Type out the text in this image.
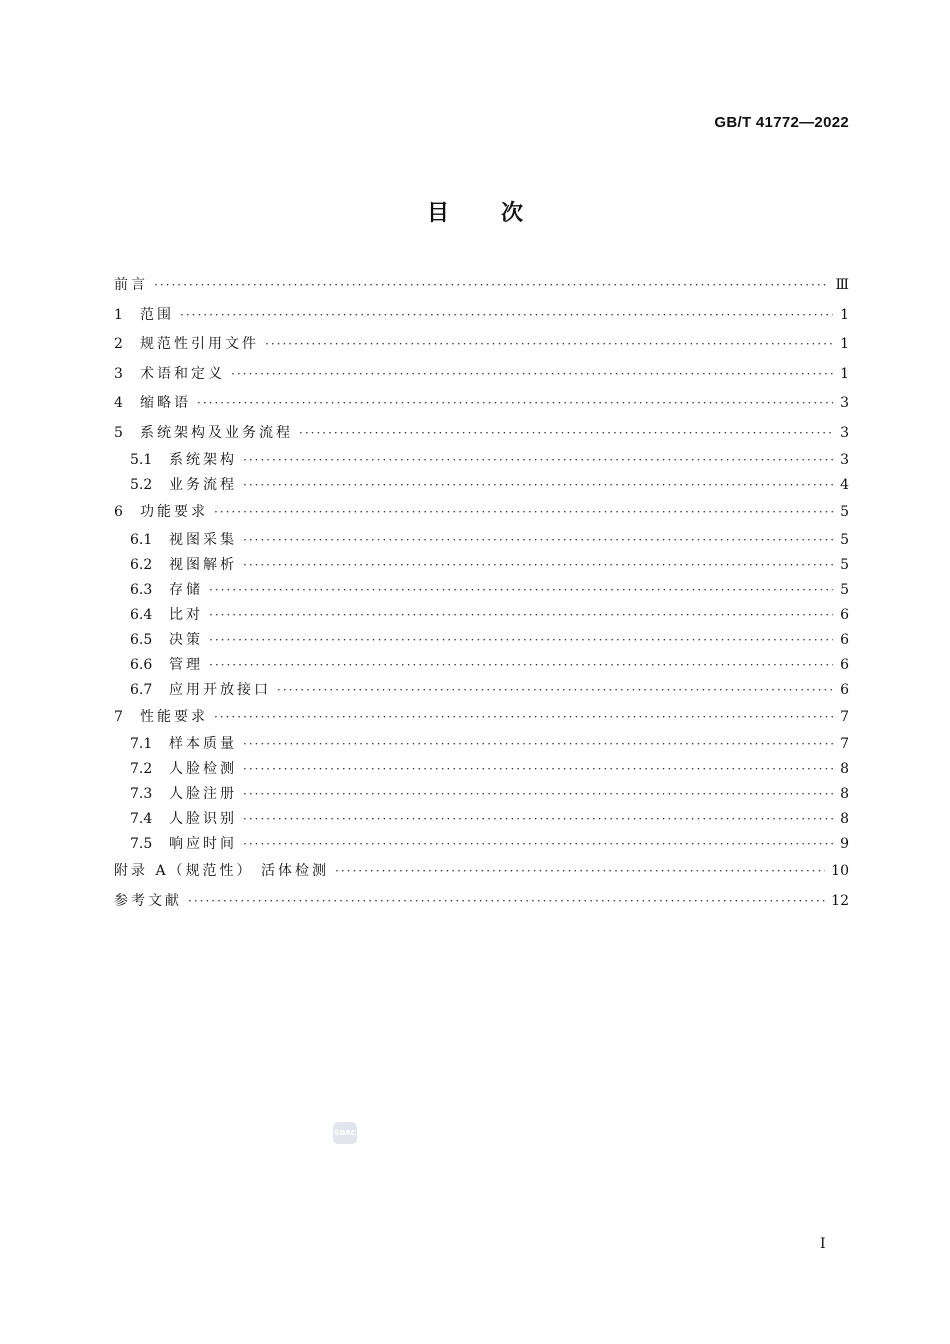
GB/T 41772—2022
目次
前言 ·····	Ⅲ
1	范围 ·····	1
2	规范性引用文件 ·····	1
3	术语和定义 ·····	1
4	缩略语 ·····	3
5	系统架构及业务流程 ·····	3
5.1	系统架构 ·····	3
5.2	业务流程 ·····	4
6	功能要求 ·····	5
6.1	视图采集 ·····	5
6.2	视图解析 ·····	5
6.3	存储 ·····	5
6.4	比对 ·····	6
6.5	决策 ·····	6
6.6	管理 ·····	6
6.7	应用开放接口 ·····	6
7	性能要求 ·····	7
7.1	样本质量 ·····	7
7.2	人脸检测 ·····	8
7.3	人脸注册 ·····	8
7.4	人脸识别 ·····	8
7.5	响应时间 ·····	9
附录 A（规范性） 活体检测 ·····	10
参考文献 ·····	12
SDAC
I
